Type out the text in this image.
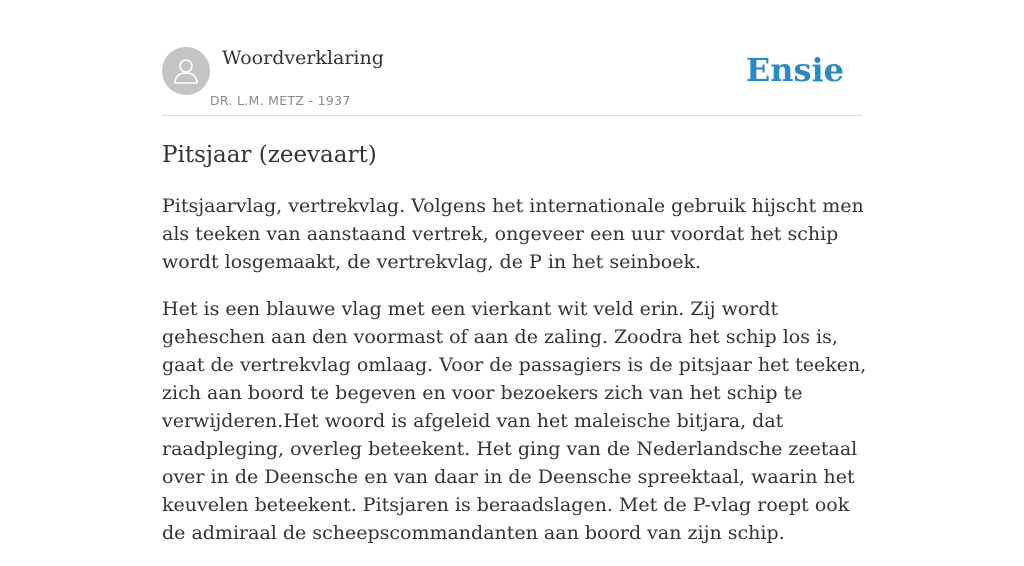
Woordverklaring
DR. L.M. METZ - 1937
Ensie
Pitsjaar (zeevaart)

Pitsjaarvlag, vertrekvlag. Volgens het internationale gebruik hijscht men als teeken van aanstaand vertrek, ongeveer een uur voordat het schip wordt losgemaakt, de vertrekvlag, de P in het seinboek.

Het is een blauwe vlag met een vierkant wit veld erin. Zij wordt geheschen aan den voormast of aan de zaling. Zoodra het schip los is, gaat de vertrekvlag omlaag. Voor de passagiers is de pitsjaar het teeken, zich aan boord te begeven en voor bezoekers zich van het schip te verwijderen.Het woord is afgeleid van het maleische bitjara, dat raadpleging, overleg beteekent. Het ging van de Nederlandsche zeetaal over in de Deensche en van daar in de Deensche spreektaal, waarin het keuvelen beteekent. Pitsjaren is beraadslagen. Met de P-vlag roept ook de admiraal de scheepscommandanten aan boord van zijn schip.
